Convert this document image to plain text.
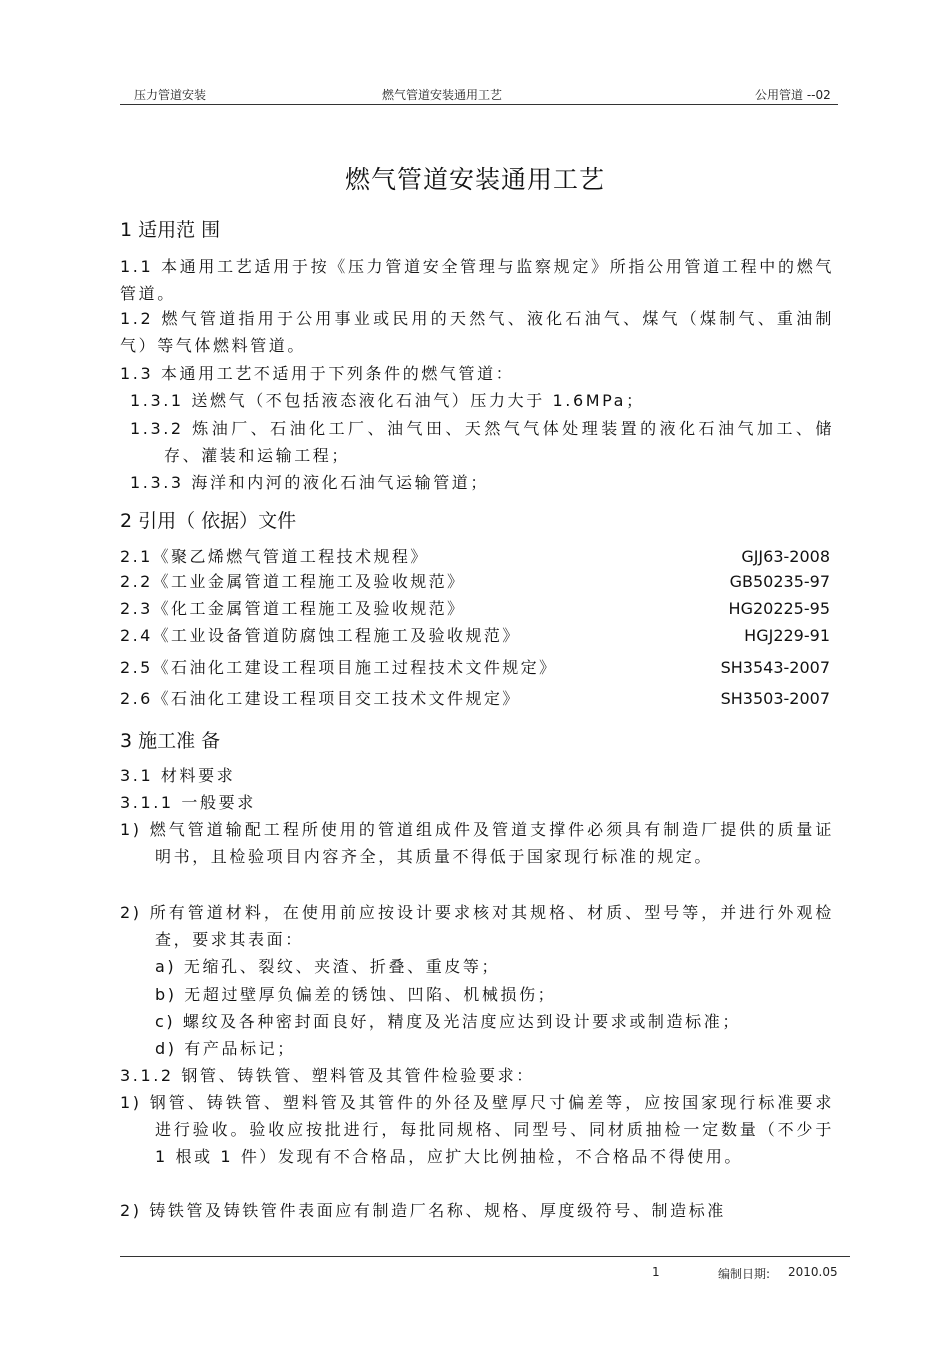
压力管道安装	燃气管道安装通用工艺	公用管道 --02
燃气管道安装通用工艺
1 适用范 围

1.1 本通用工艺适用于按《压力管道安全管理与监察规定》所指公用管道工程中的燃气管道。

1.2 燃气管道指用于公用事业或民用的天然气、液化石油气、煤气（煤制气、重油制气）等气体燃料管道。

1.3 本通用工艺不适用于下列条件的燃气管道：

1.3.1 送燃气（不包括液态液化石油气）压力大于 1.6MPa；

1.3.2 炼油厂、石油化工厂、油气田、天然气气体处理装置的液化石油气加工、储存、灌装和运输工程；

1.3.3 海洋和内河的液化石油气运输管道；

2 引用（ 依据）文件
2.1《聚乙烯燃气管道工程技术规程》	GJJ63-2008
2.2《工业金属管道工程施工及验收规范》	GB50235-97
2.3《化工金属管道工程施工及验收规范》	HG20225-95
2.4《工业设备管道防腐蚀工程施工及验收规范》	HGJ229-91
2.5《石油化工建设工程项目施工过程技术文件规定》	SH3543-2007
2.6《石油化工建设工程项目交工技术文件规定》	SH3503-2007
3 施工准 备

3.1 材料要求

3.1.1 一般要求

1) 燃气管道输配工程所使用的管道组成件及管道支撑件必须具有制造厂提供的质量证明书，且检验项目内容齐全，其质量不得低于国家现行标准的规定。

2) 所有管道材料，在使用前应按设计要求核对其规格、材质、型号等，并进行外观检查，要求其表面：

a) 无缩孔、裂纹、夹渣、折叠、重皮等；

b) 无超过壁厚负偏差的锈蚀、凹陷、机械损伤；

c) 螺纹及各种密封面良好，精度及光洁度应达到设计要求或制造标准；

d) 有产品标记；

3.1.2 钢管、铸铁管、塑料管及其管件检验要求：

1) 钢管、铸铁管、塑料管及其管件的外径及壁厚尺寸偏差等，应按国家现行标准要求进行验收。验收应按批进行，每批同规格、同型号、同材质抽检一定数量（不少于 1 根或 1 件）发现有不合格品，应扩大比例抽检，不合格品不得使用。

2) 铸铁管及铸铁管件表面应有制造厂名称、规格、厚度级符号、制造标准

1	编制日期: 2010.05
